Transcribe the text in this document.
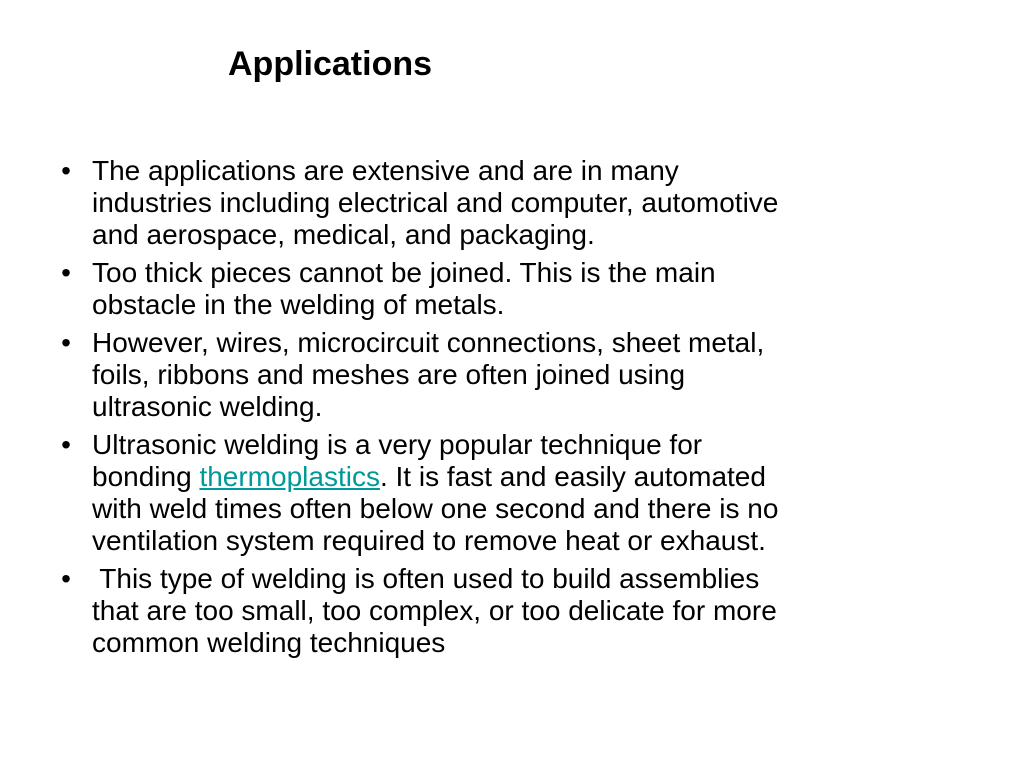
Applications
• The applications are extensive and are in many
industries including electrical and computer, automotive
and aerospace, medical, and packaging.
• Too thick pieces cannot be joined. This is the main
obstacle in the welding of metals.
• However, wires, microcircuit connections, sheet metal,
foils, ribbons and meshes are often joined using
ultrasonic welding.
• Ultrasonic welding is a very popular technique for
bonding thermoplastics. It is fast and easily automated
with weld times often below one second and there is no
ventilation system required to remove heat or exhaust.
• This type of welding is often used to build assemblies
that are too small, too complex, or too delicate for more
common welding techniques
